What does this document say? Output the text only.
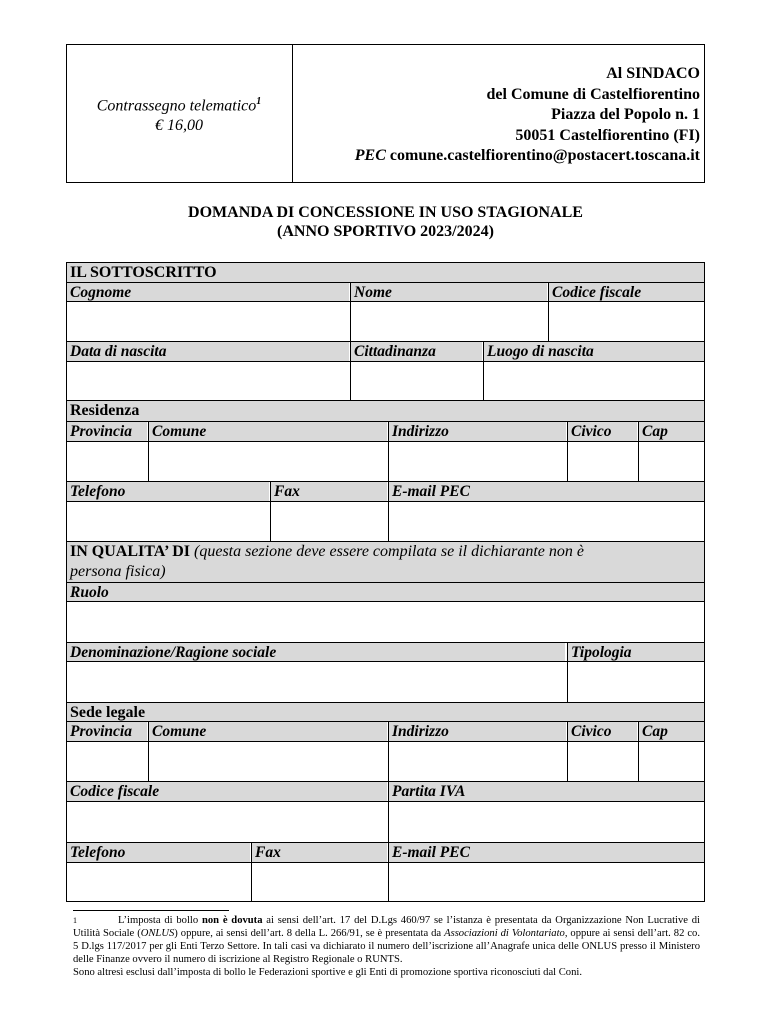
Contrassegno telematico$^1$
€ 16,00
Al SINDACO
del Comune di Castelfiorentino
Piazza del Popolo n. 1
50051 Castelfiorentino (FI)
PEC comune.castelfiorentino@postacert.toscana.it
DOMANDA DI CONCESSIONE IN USO STAGIONALE
(ANNO SPORTIVO 2023/2024)
IL SOTTOSCRITTO
Cognome	Nome	Codice fiscale
Data di nascita	Cittadinanza	Luogo di nascita
Residenza
Provincia	Comune	Indirizzo	Civico	Cap
Telefono	Fax	E-mail PEC
IN QUALITA’ DI (questa sezione deve essere compilata se il dichiarante non è
persona fisica)
Ruolo
Denominazione/Ragione sociale	Tipologia
Sede legale
Provincia	Comune	Indirizzo	Civico	Cap
Codice fiscale	Partita IVA
Telefono	Fax	E-mail PEC
1	L’imposta di bollo non è dovuta ai sensi dell’art. 17 del D.Lgs 460/97 se l’istanza è presentata da Organizzazione Non Lucrative di Utilità Sociale (ONLUS) oppure, ai sensi dell’art. 8 della L. 266/91, se è presentata da Associazioni di Volontariato, oppure ai sensi dell’art. 82 co. 5 D.lgs 117/2017 per gli Enti Terzo Settore. In tali casi va dichiarato il numero dell’iscrizione all’Anagrafe unica delle ONLUS presso il Ministero delle Finanze ovvero il numero di iscrizione al Registro Regionale o RUNTS.
Sono altresì esclusi dall’imposta di bollo le Federazioni sportive e gli Enti di promozione sportiva riconosciuti dal Coni.
